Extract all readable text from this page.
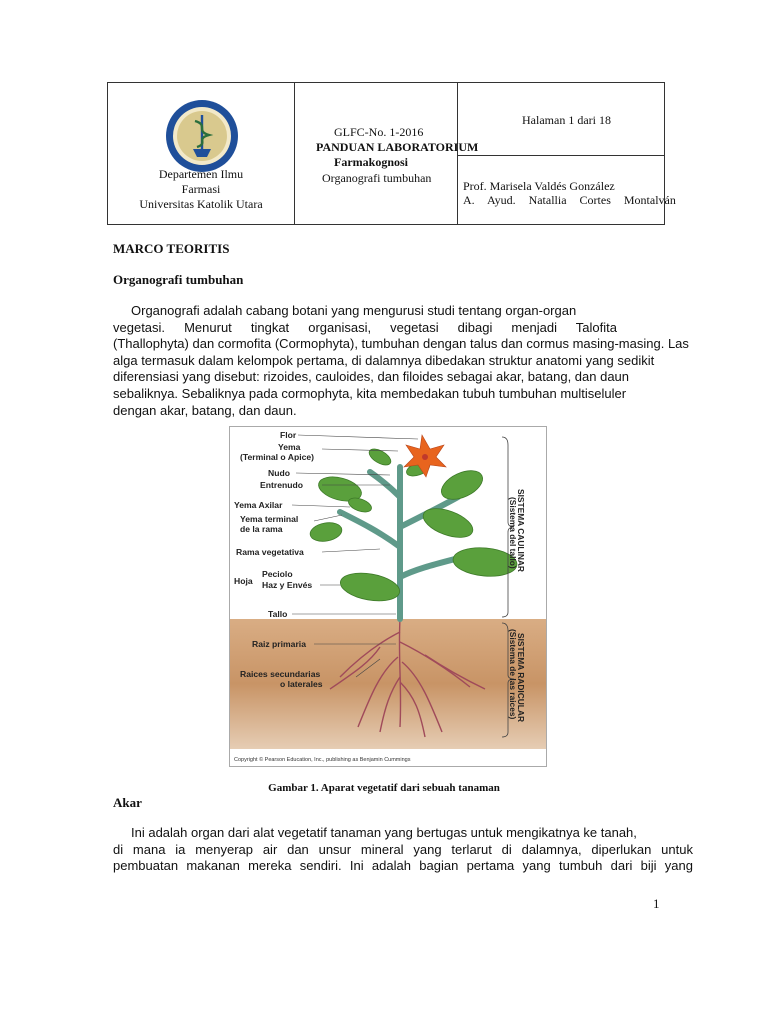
Departemen Ilmu
Farmasi
Universitas Katolik Utara
GLFC-No. 1-2016
PANDUAN LABORATORIUM
Farmakognosi
Organografi tumbuhan
Halaman 1 dari 18
Prof. Marisela Valdés González
A. Ayud. Natallia Cortes Montalván
MARCO TEORITIS
Organografi tumbuhan
Organografi adalah cabang botani yang mengurusi studi tentang organ-organ
vegetasi. Menurut tingkat organisasi, vegetasi dibagi menjadi Talofita
(Thallophyta) dan cormofita (Cormophyta), tumbuhan dengan talus dan cormus masing-masing. Las
alga termasuk dalam kelompok pertama, di dalamnya dibedakan struktur anatomi yang sedikit
diferensiasi yang disebut: rizoides, cauloides, dan filoides sebagai akar, batang, dan daun
sebaliknya. Sebaliknya pada cormophyta, kita membedakan tubuh tumbuhan multiseluler
dengan akar, batang, dan daun.
Flor
Yema
(Terminal o Apice)
Nudo
Entrenudo
Yema Axilar
Yema terminal
de la rama
Rama vegetativa
Hoja
Peciolo
Haz y Envés
Tallo
Raiz primaria
Raices secundarias
o laterales
SISTEMA CAULINAR
(Sistema del tallo)
SISTEMA RADICULAR
(Sistema de las raices)
Copyright © Pearson Education, Inc., publishing as Benjamin Cummings
Gambar 1. Aparat vegetatif dari sebuah tanaman
Akar
Ini adalah organ dari alat vegetatif tanaman yang bertugas untuk mengikatnya ke tanah,
di mana ia menyerap air dan unsur mineral yang terlarut di dalamnya, diperlukan untuk
pembuatan makanan mereka sendiri. Ini adalah bagian pertama yang tumbuh dari biji yang
1
